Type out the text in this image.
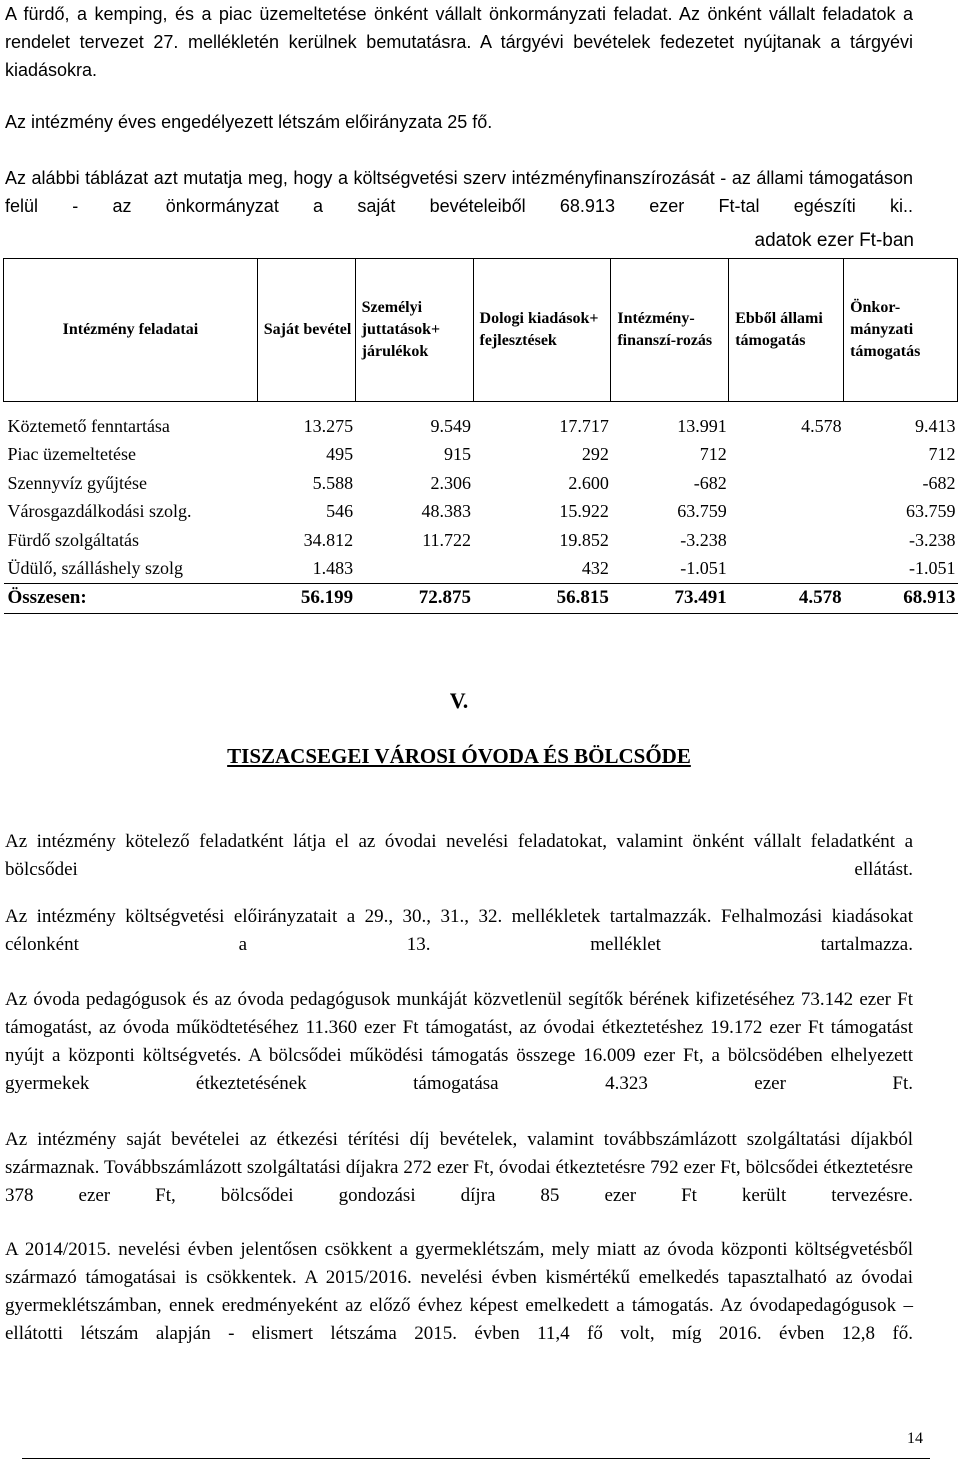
A fürdő, a kemping, és a piac üzemeltetése önként vállalt önkormányzati feladat. Az önként vállalt feladatok a rendelet tervezet 27. mellékletén kerülnek bemutatásra. A tárgyévi bevételek fedezetet nyújtanak a tárgyévi kiadásokra.

Az intézmény éves engedélyezett létszám előirányzata 25 fő.

Az alábbi táblázat azt mutatja meg, hogy a költségvetési szerv intézményfinanszírozását - az állami támogatáson felül - az önkormányzat a saját bevételeiből 68.913 ezer Ft-tal egészíti ki..

adatok ezer Ft-ban
Intézmény feladatai	Saját bevétel	Személyi juttatások+ járulékok	Dologi kiadások+ fejlesztések	Intézmény-finanszí-rozás	Ebből állami támogatás	Önkor-mányzati támogatás

Köztemető fenntartása	13.275	9.549	17.717	13.991	4.578	9.413
Piac üzemeltetése	495	915	292	712		712
Szennyvíz gyűjtése	5.588	2.306	2.600	-682		-682
Városgazdálkodási szolg.	546	48.383	15.922	63.759		63.759
Fürdő szolgáltatás	34.812	11.722	19.852	-3.238		-3.238
Üdülő, szálláshely szolg	1.483		432	-1.051		-1.051
Összesen:	56.199	72.875	56.815	73.491	4.578	68.913
V.
TISZACSEGEI VÁROSI ÓVODA ÉS BÖLCSŐDE

Az intézmény kötelező feladatként látja el az óvodai nevelési feladatokat, valamint önként vállalt feladatként a bölcsődei ellátást.

Az intézmény költségvetési előirányzatait a 29., 30., 31., 32. mellékletek tartalmazzák. Felhalmozási kiadásokat célonként a 13. melléklet tartalmazza.

Az óvoda pedagógusok és az óvoda pedagógusok munkáját közvetlenül segítők bérének kifizetéséhez 73.142 ezer Ft támogatást, az óvoda működtetéséhez 11.360 ezer Ft támogatást, az óvodai étkeztetéshez 19.172 ezer Ft támogatást nyújt a központi költségvetés. A bölcsődei működési támogatás összege 16.009 ezer Ft, a bölcsödében elhelyezett gyermekek étkeztetésének támogatása 4.323 ezer Ft.

Az intézmény saját bevételei az étkezési térítési díj bevételek, valamint továbbszámlázott szolgáltatási díjakból származnak. Továbbszámlázott szolgáltatási díjakra 272 ezer Ft, óvodai étkeztetésre 792 ezer Ft, bölcsődei étkeztetésre 378 ezer Ft, bölcsődei gondozási díjra 85 ezer Ft került tervezésre.

A 2014/2015. nevelési évben jelentősen csökkent a gyermeklétszám, mely miatt az óvoda központi költségvetésből származó támogatásai is csökkentek. A 2015/2016. nevelési évben kismértékű emelkedés tapasztalható az óvodai gyermeklétszámban, ennek eredményeként az előző évhez képest emelkedett a támogatás. Az óvodapedagógusok – ellátotti létszám alapján - elismert létszáma 2015. évben 11,4 fő volt, míg 2016. évben 12,8 fő.

14
